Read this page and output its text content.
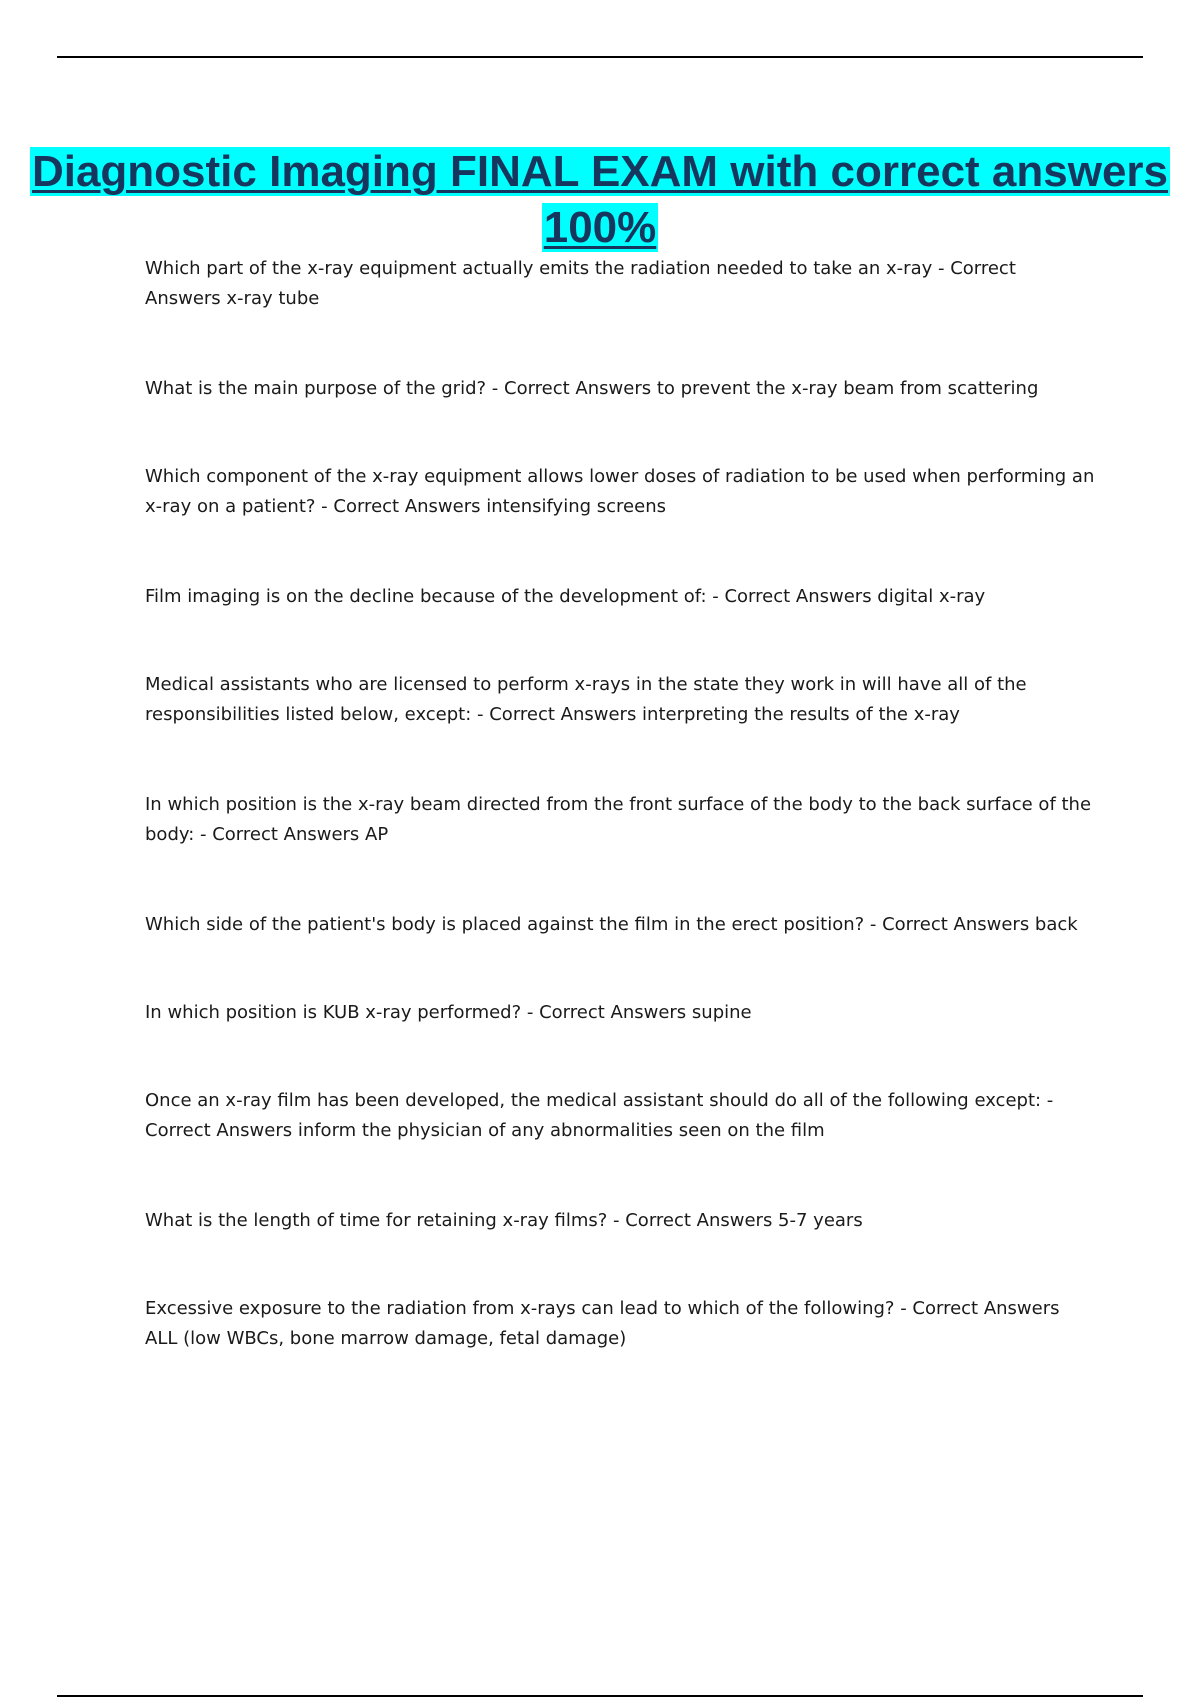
Diagnostic Imaging FINAL EXAM with correct answers 100%
Which part of the x-ray equipment actually emits the radiation needed to take an x-ray - Correct Answers x-ray tube
What is the main purpose of the grid? - Correct Answers to prevent the x-ray beam from scattering
Which component of the x-ray equipment allows lower doses of radiation to be used when performing an x-ray on a patient? - Correct Answers intensifying screens
Film imaging is on the decline because of the development of: - Correct Answers digital x-ray
Medical assistants who are licensed to perform x-rays in the state they work in will have all of the responsibilities listed below, except: - Correct Answers interpreting the results of the x-ray
In which position is the x-ray beam directed from the front surface of the body to the back surface of the body: - Correct Answers AP
Which side of the patient's body is placed against the film in the erect position? - Correct Answers back
In which position is KUB x-ray performed? - Correct Answers supine
Once an x-ray film has been developed, the medical assistant should do all of the following except: - Correct Answers inform the physician of any abnormalities seen on the film
What is the length of time for retaining x-ray films? - Correct Answers 5-7 years
Excessive exposure to the radiation from x-rays can lead to which of the following? - Correct Answers ALL (low WBCs, bone marrow damage, fetal damage)
